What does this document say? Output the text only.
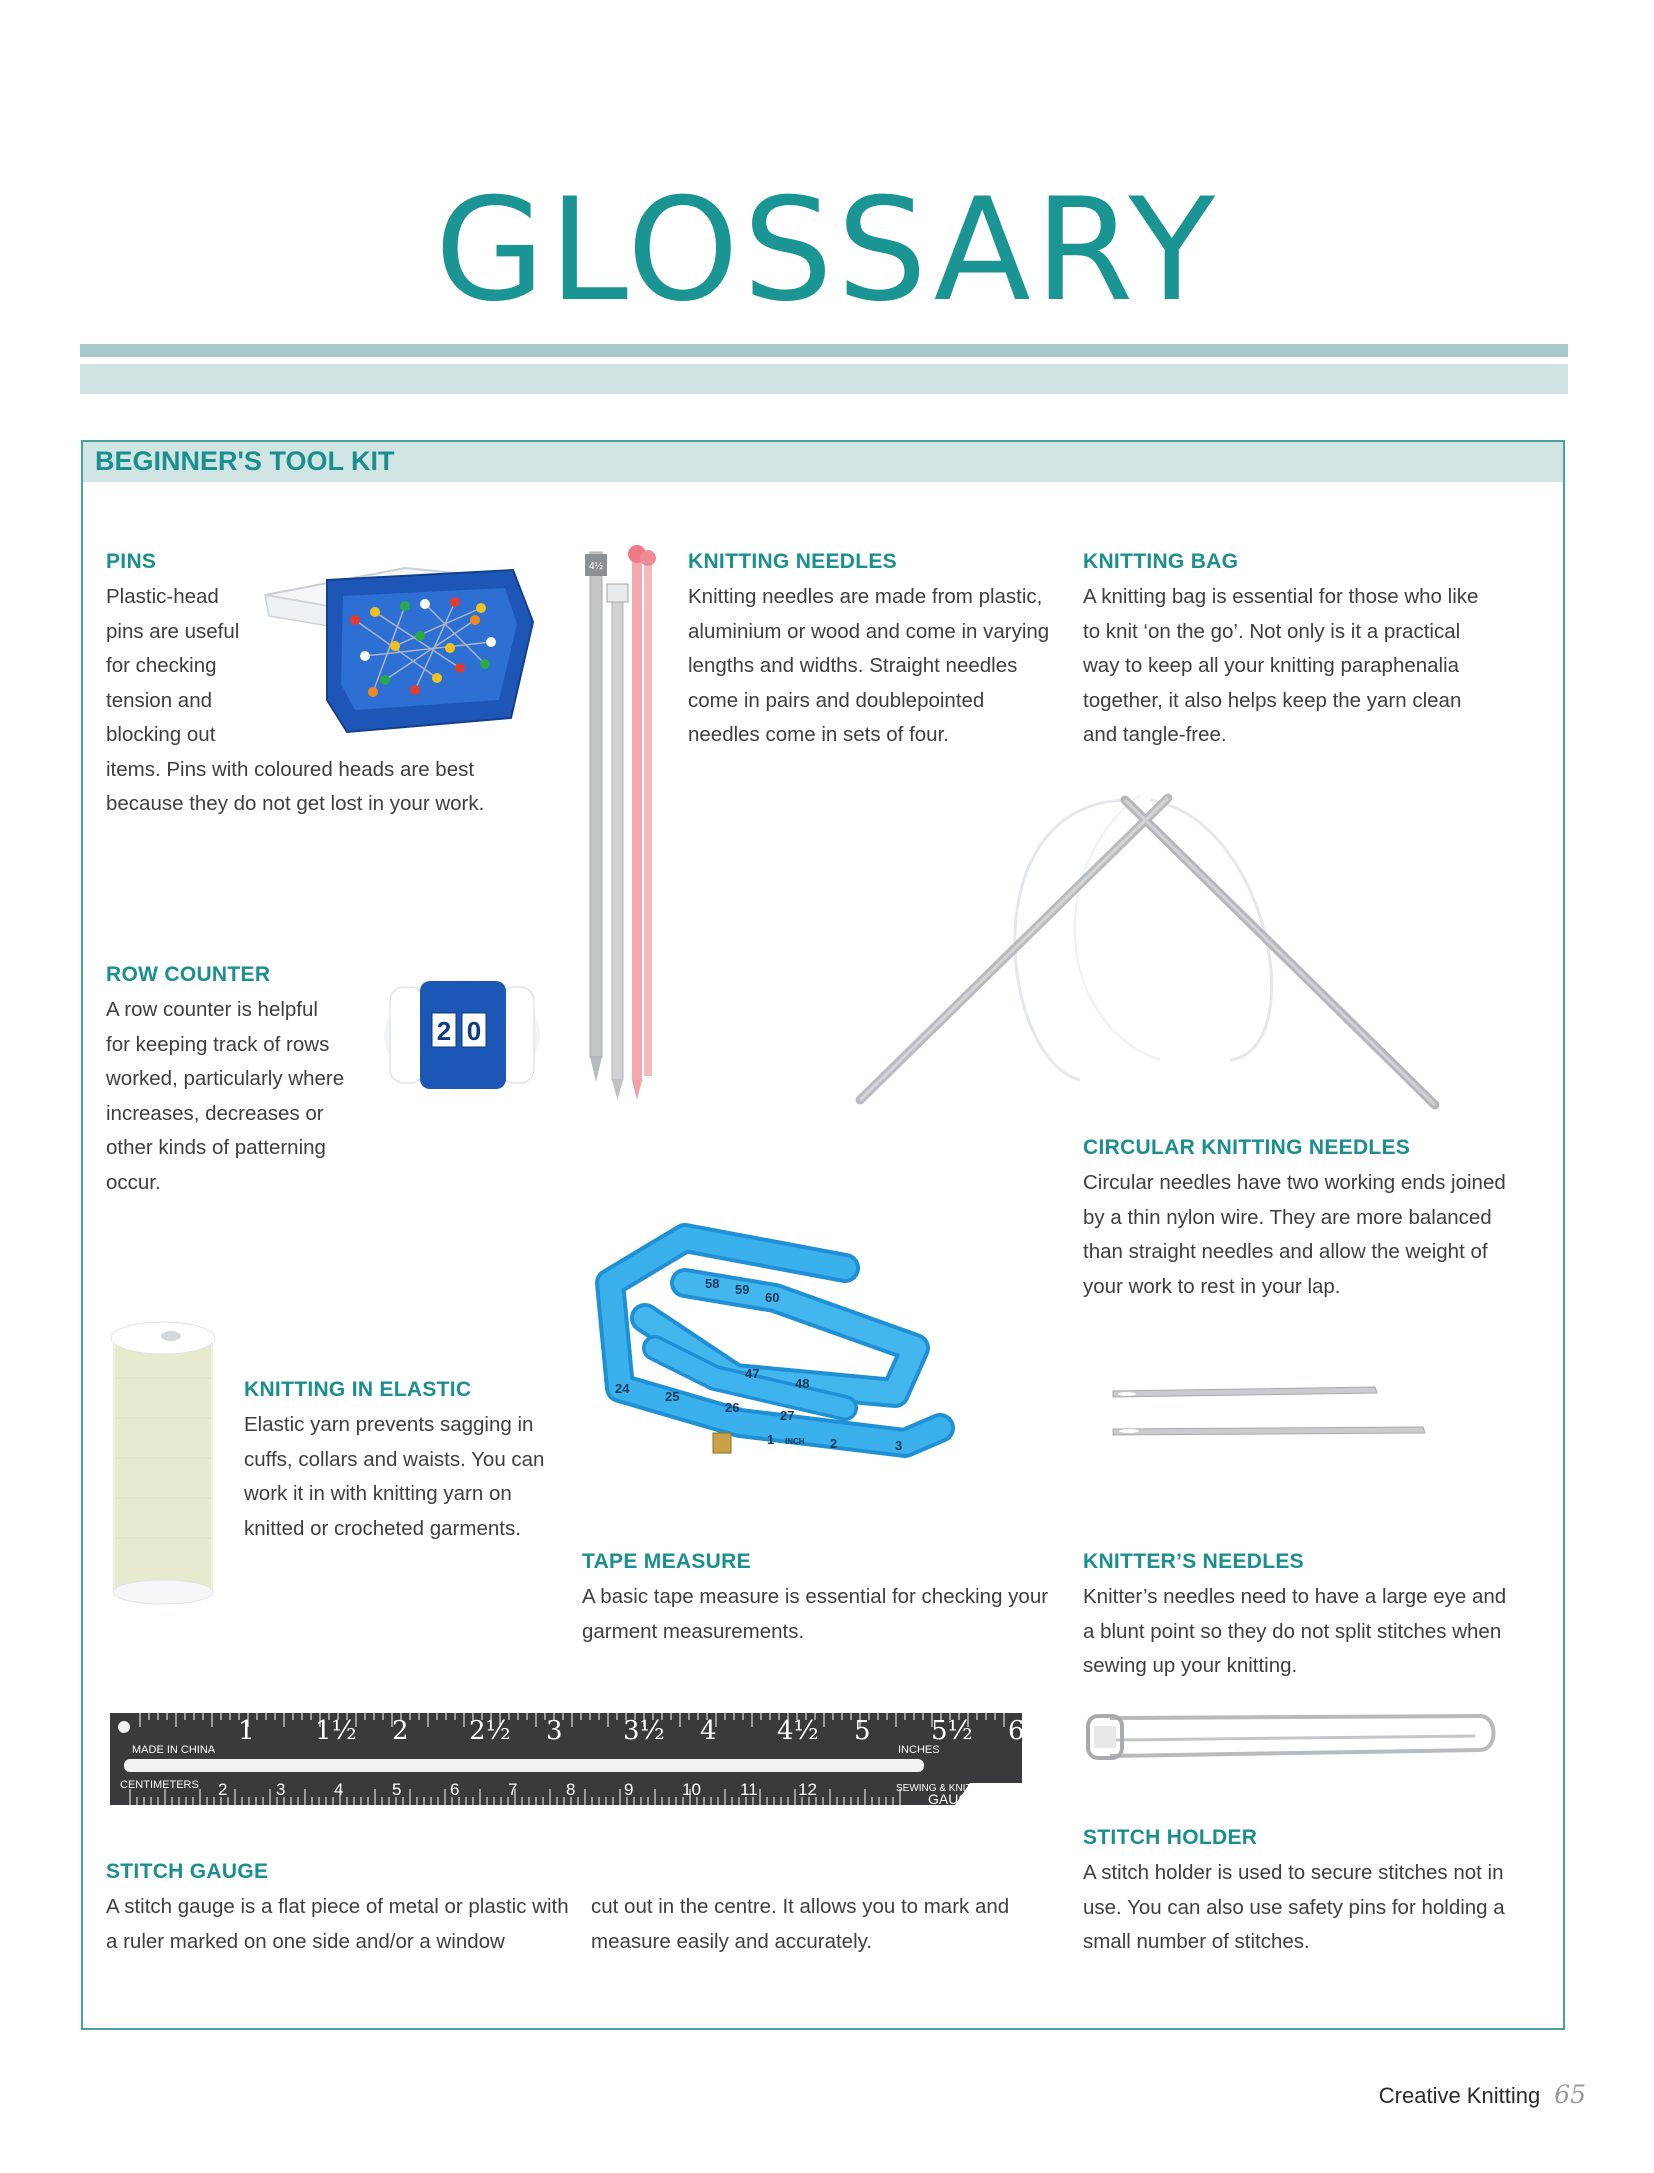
GLOSSARY
BEGINNER'S TOOL KIT
PINS
Plastic-head
pins are useful
for checking
tension and
blocking out
items. Pins with coloured heads are best
because they do not get lost in your work.
4½	KNITTING NEEDLES
Knitting needles are made from plastic,
aluminium or wood and come in varying
lengths and widths. Straight needles
come in pairs and doublepointed
needles come in sets of four.
KNITTING BAG
A knitting bag is essential for those who like
to knit ‘on the go’. Not only is it a practical
way to keep all your knitting paraphenalia
together, it also helps keep the yarn clean
and tangle-free.
ROW COUNTER
A row counter is helpful
for keeping track of rows
worked, particularly where
increases, decreases or
other kinds of patterning
occur.
2 0
CIRCULAR KNITTING NEEDLES
Circular needles have two working ends joined
by a thin nylon wire. They are more balanced
than straight needles and allow the weight of
your work to rest in your lap.
KNITTING IN ELASTIC
Elastic yarn prevents sagging in
cuffs, collars and waists. You can
work it in with knitting yarn on
knitted or crocheted garments.
24
25
26
27
47
48
58 59
60
1 INCH 2	3
TAPE MEASURE
A basic tape measure is essential for checking your
garment measurements.
KNITTER’S NEEDLES
Knitter’s needles need to have a large eye and
a blunt point so they do not split stitches when
sewing up your knitting.
MADE IN CHINA
CENTIMETERS
INCHES
SEWING & KNITTING
GAUGE
1 1½ 2 2½ 3 3½ 4 4½ 5 5½ 6
2	3	4	5	6	7	8	9	10 11 12
STITCH HOLDER
A stitch holder is used to secure stitches not in
use. You can also use safety pins for holding a
small number of stitches.
STITCH GAUGE
A stitch gauge is a flat piece of metal or plastic with
a ruler marked on one side and/or a window
cut out in the centre. It allows you to mark and
measure easily and accurately.
Creative Knitting 65
